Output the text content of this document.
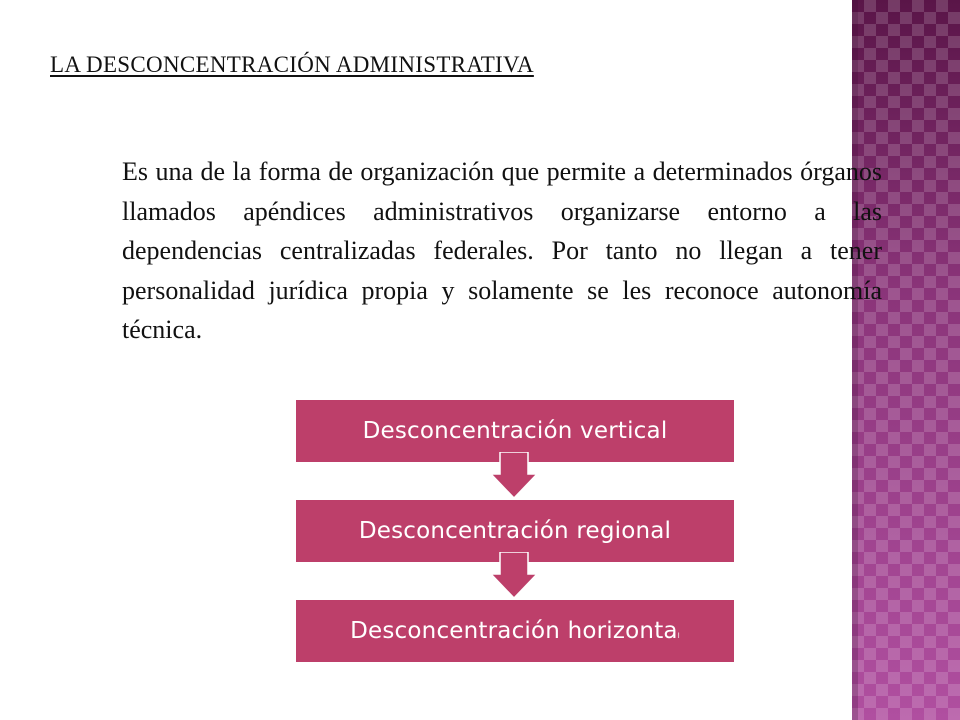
LA DESCONCENTRACIÓN ADMINISTRATIVA

Es una de la forma de organización que permite a determinados órganos llamados apéndices administrativos organizarse entorno a las dependencias centralizadas federales. Por tanto no llegan a tener personalidad jurídica propia y solamente se les reconoce autonomía técnica.

Desconcentración vertical
Desconcentración regional
Desconcentración horizontal
